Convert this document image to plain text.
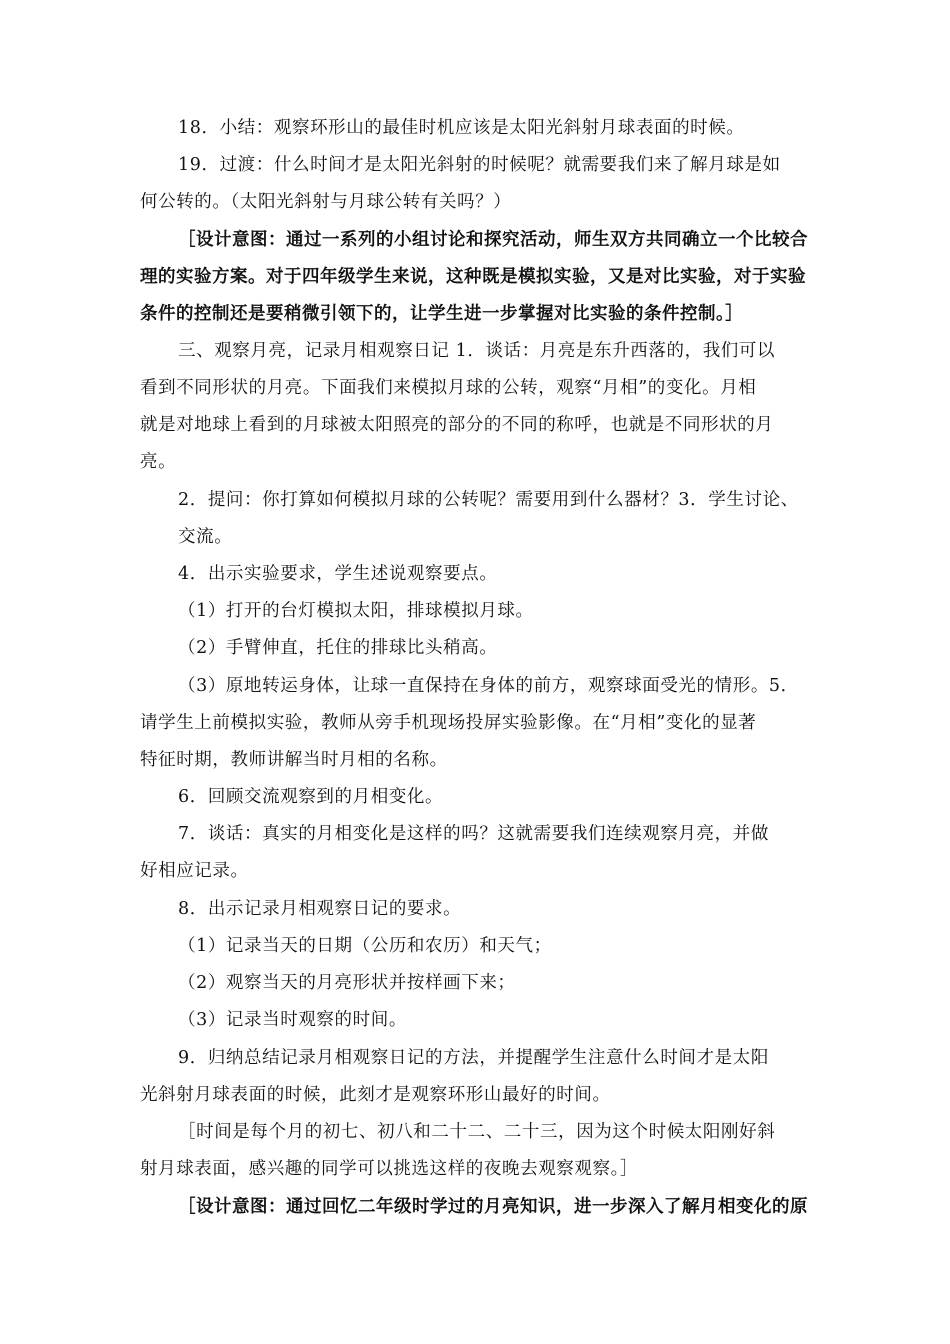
18．小结：观察环形山的最佳时机应该是太阳光斜射月球表面的时候。
19．过渡：什么时间才是太阳光斜射的时候呢？就需要我们来了解月球是如
何公转的。（太阳光斜射与月球公转有关吗？）
［设计意图：通过一系列的小组讨论和探究活动，师生双方共同确立一个比较合
理的实验方案。对于四年级学生来说，这种既是模拟实验，又是对比实验，对于实验
条件的控制还是要稍微引领下的，让学生进一步掌握对比实验的条件控制。］
三、观察月亮，记录月相观察日记 1．谈话：月亮是东升西落的，我们可以
看到不同形状的月亮。下面我们来模拟月球的公转，观察“月相”的变化。月相
就是对地球上看到的月球被太阳照亮的部分的不同的称呼，也就是不同形状的月
亮。
2．提问：你打算如何模拟月球的公转呢？需要用到什么器材？3．学生讨论、
交流。
4．出示实验要求，学生述说观察要点。
（1）打开的台灯模拟太阳，排球模拟月球。
（2）手臂伸直，托住的排球比头稍高。
（3）原地转运身体，让球一直保持在身体的前方，观察球面受光的情形。5．
请学生上前模拟实验，教师从旁手机现场投屏实验影像。在“月相”变化的显著
特征时期，教师讲解当时月相的名称。
6．回顾交流观察到的月相变化。
7．谈话：真实的月相变化是这样的吗？这就需要我们连续观察月亮，并做
好相应记录。
8．出示记录月相观察日记的要求。
（1）记录当天的日期（公历和农历）和天气；
（2）观察当天的月亮形状并按样画下来；
（3）记录当时观察的时间。
9．归纳总结记录月相观察日记的方法，并提醒学生注意什么时间才是太阳
光斜射月球表面的时候，此刻才是观察环形山最好的时间。
［时间是每个月的初七、初八和二十二、二十三，因为这个时候太阳刚好斜
射月球表面，感兴趣的同学可以挑选这样的夜晚去观察观察。］
［设计意图：通过回忆二年级时学过的月亮知识，进一步深入了解月相变化的原
